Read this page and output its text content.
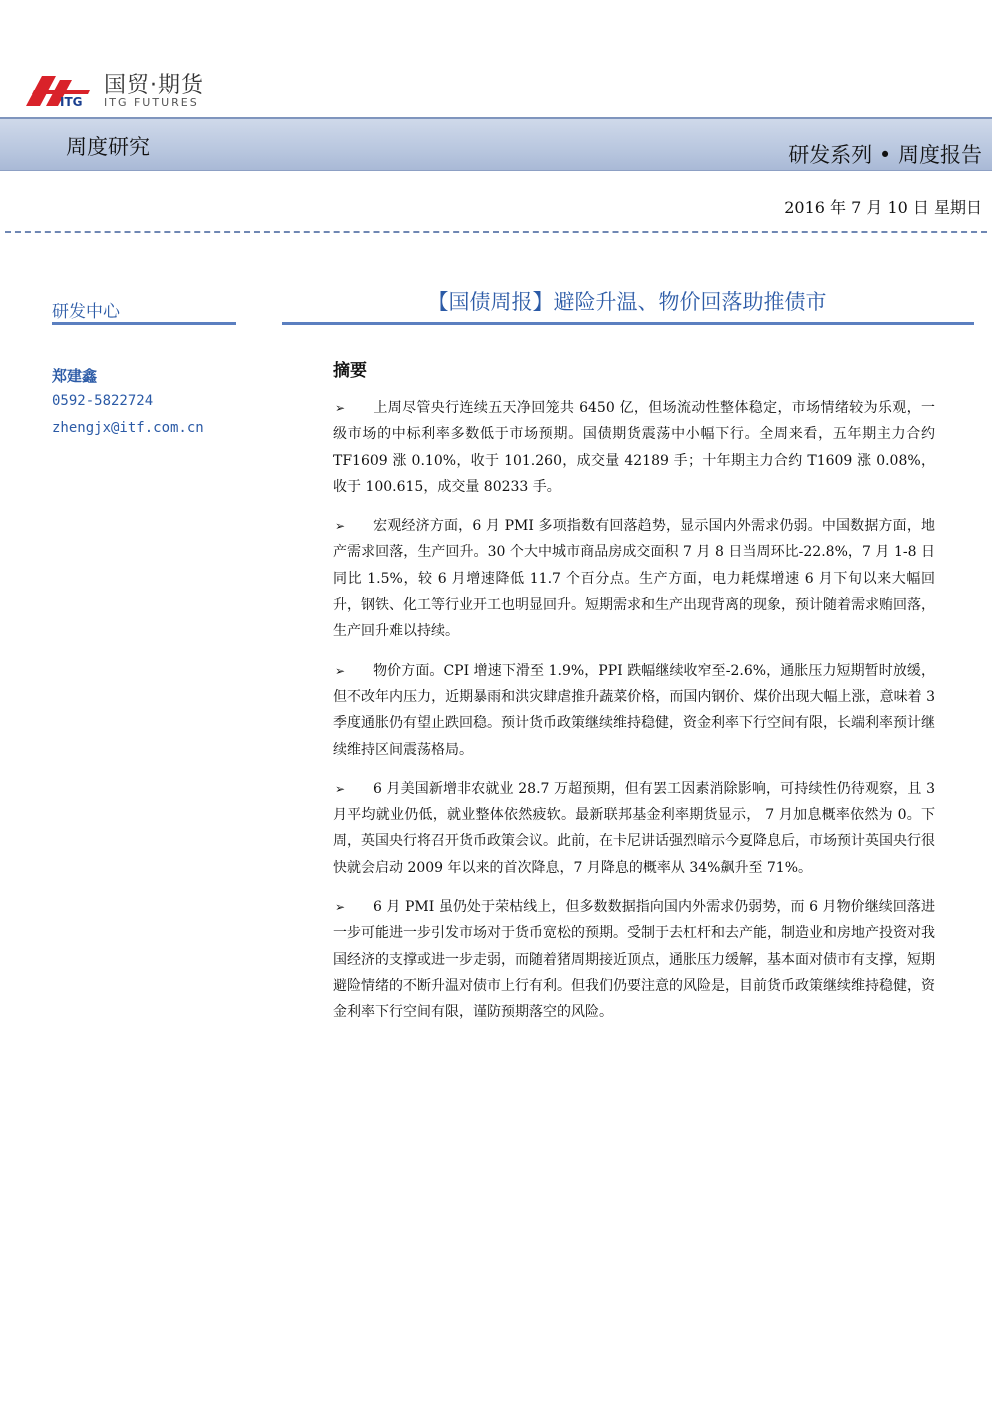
ITG
国贸·期货
ITG FUTURES
周度研究	研发系列 • 周度报告
2016 年 7 月 10 日 星期日
研发中心
郑建鑫
0592-5822724
zhengjx@itf.com.cn
【国债周报】避险升温、物价回落助推债市
摘要

➢ 上周尽管央行连续五天净回笼共 6450 亿，但场流动性整体稳定，市场情绪较为乐观，一级市场的中标利率多数低于市场预期。国债期货震荡中小幅下行。全周来看，五年期主力合约 TF1609 涨 0.10%，收于 101.260，成交量 42189 手；十年期主力合约 T1609 涨 0.08%，收于 100.615，成交量 80233 手。

➢ 宏观经济方面，6 月 PMI 多项指数有回落趋势，显示国内外需求仍弱。中国数据方面，地产需求回落，生产回升。30 个大中城市商品房成交面积 7 月 8 日当周环比-22.8%，7 月 1-8 日同比 1.5%，较 6 月增速降低 11.7 个百分点。生产方面，电力耗煤增速 6 月下旬以来大幅回升，钢铁、化工等行业开工也明显回升。短期需求和生产出现背离的现象，预计随着需求贿回落，生产回升难以持续。

➢ 物价方面。CPI 增速下滑至 1.9%，PPI 跌幅继续收窄至-2.6%，通胀压力短期暂时放缓，但不改年内压力，近期暴雨和洪灾肆虐推升蔬菜价格，而国内钢价、煤价出现大幅上涨，意味着 3 季度通胀仍有望止跌回稳。预计货币政策继续维持稳健，资金利率下行空间有限，长端利率预计继续维持区间震荡格局。

➢ 6 月美国新增非农就业 28.7 万超预期，但有罢工因素消除影响，可持续性仍待观察，且 3 月平均就业仍低，就业整体依然疲软。最新联邦基金利率期货显示， 7 月加息概率依然为 0。下周，英国央行将召开货币政策会议。此前，在卡尼讲话强烈暗示今夏降息后，市场预计英国央行很快就会启动 2009 年以来的首次降息，7 月降息的概率从 34%飙升至 71%。

➢ 6 月 PMI 虽仍处于荣枯线上，但多数数据指向国内外需求仍弱势，而 6 月物价继续回落进一步可能进一步引发市场对于货币宽松的预期。受制于去杠杆和去产能，制造业和房地产投资对我国经济的支撑或进一步走弱，而随着猪周期接近顶点，通胀压力缓解，基本面对债市有支撑，短期避险情绪的不断升温对债市上行有利。但我们仍要注意的风险是，目前货币政策继续维持稳健，资金利率下行空间有限，谨防预期落空的风险。
